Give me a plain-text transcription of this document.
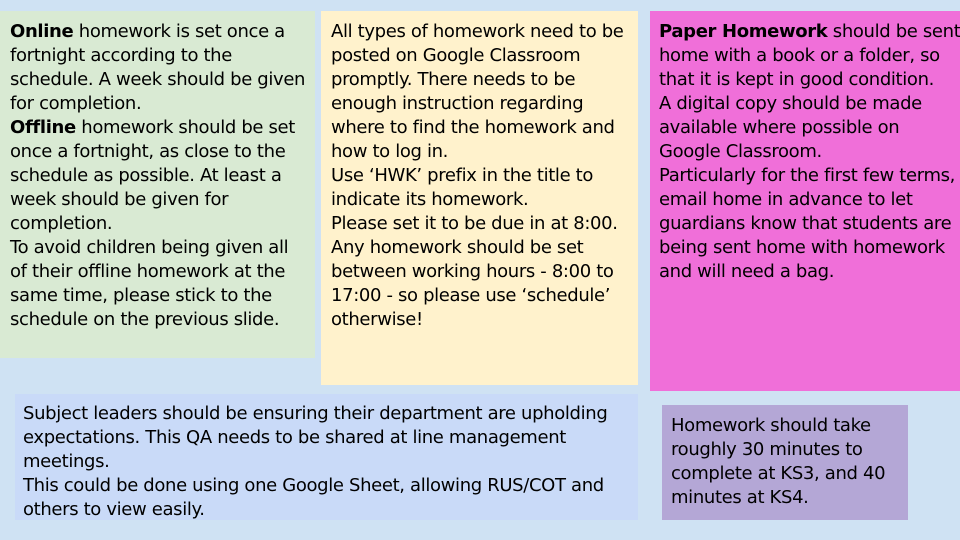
Online homework is set once a fortnight according to the schedule. A week should be given for completion.

Offline homework should be set once a fortnight, as close to the schedule as possible. At least a week should be given for completion.

To avoid children being given all of their offline homework at the same time, please stick to the schedule on the previous slide.

All types of homework need to be posted on Google Classroom promptly. There needs to be enough instruction regarding where to find the homework and how to log in.

Use ‘HWK’ prefix in the title to indicate its homework.

Please set it to be due in at 8:00.

Any homework should be set between working hours - 8:00 to 17:00 - so please use ‘schedule’ otherwise!

Paper Homework should be sent home with a book or a folder, so that it is kept in good condition.

A digital copy should be made available where possible on Google Classroom.

Particularly for the first few terms, email home in advance to let guardians know that students are being sent home with homework and will need a bag.

Subject leaders should be ensuring their department are upholding expectations. This QA needs to be shared at line management meetings.

This could be done using one Google Sheet, allowing RUS/COT and others to view easily.

Homework should take roughly 30 minutes to complete at KS3, and 40 minutes at KS4.
